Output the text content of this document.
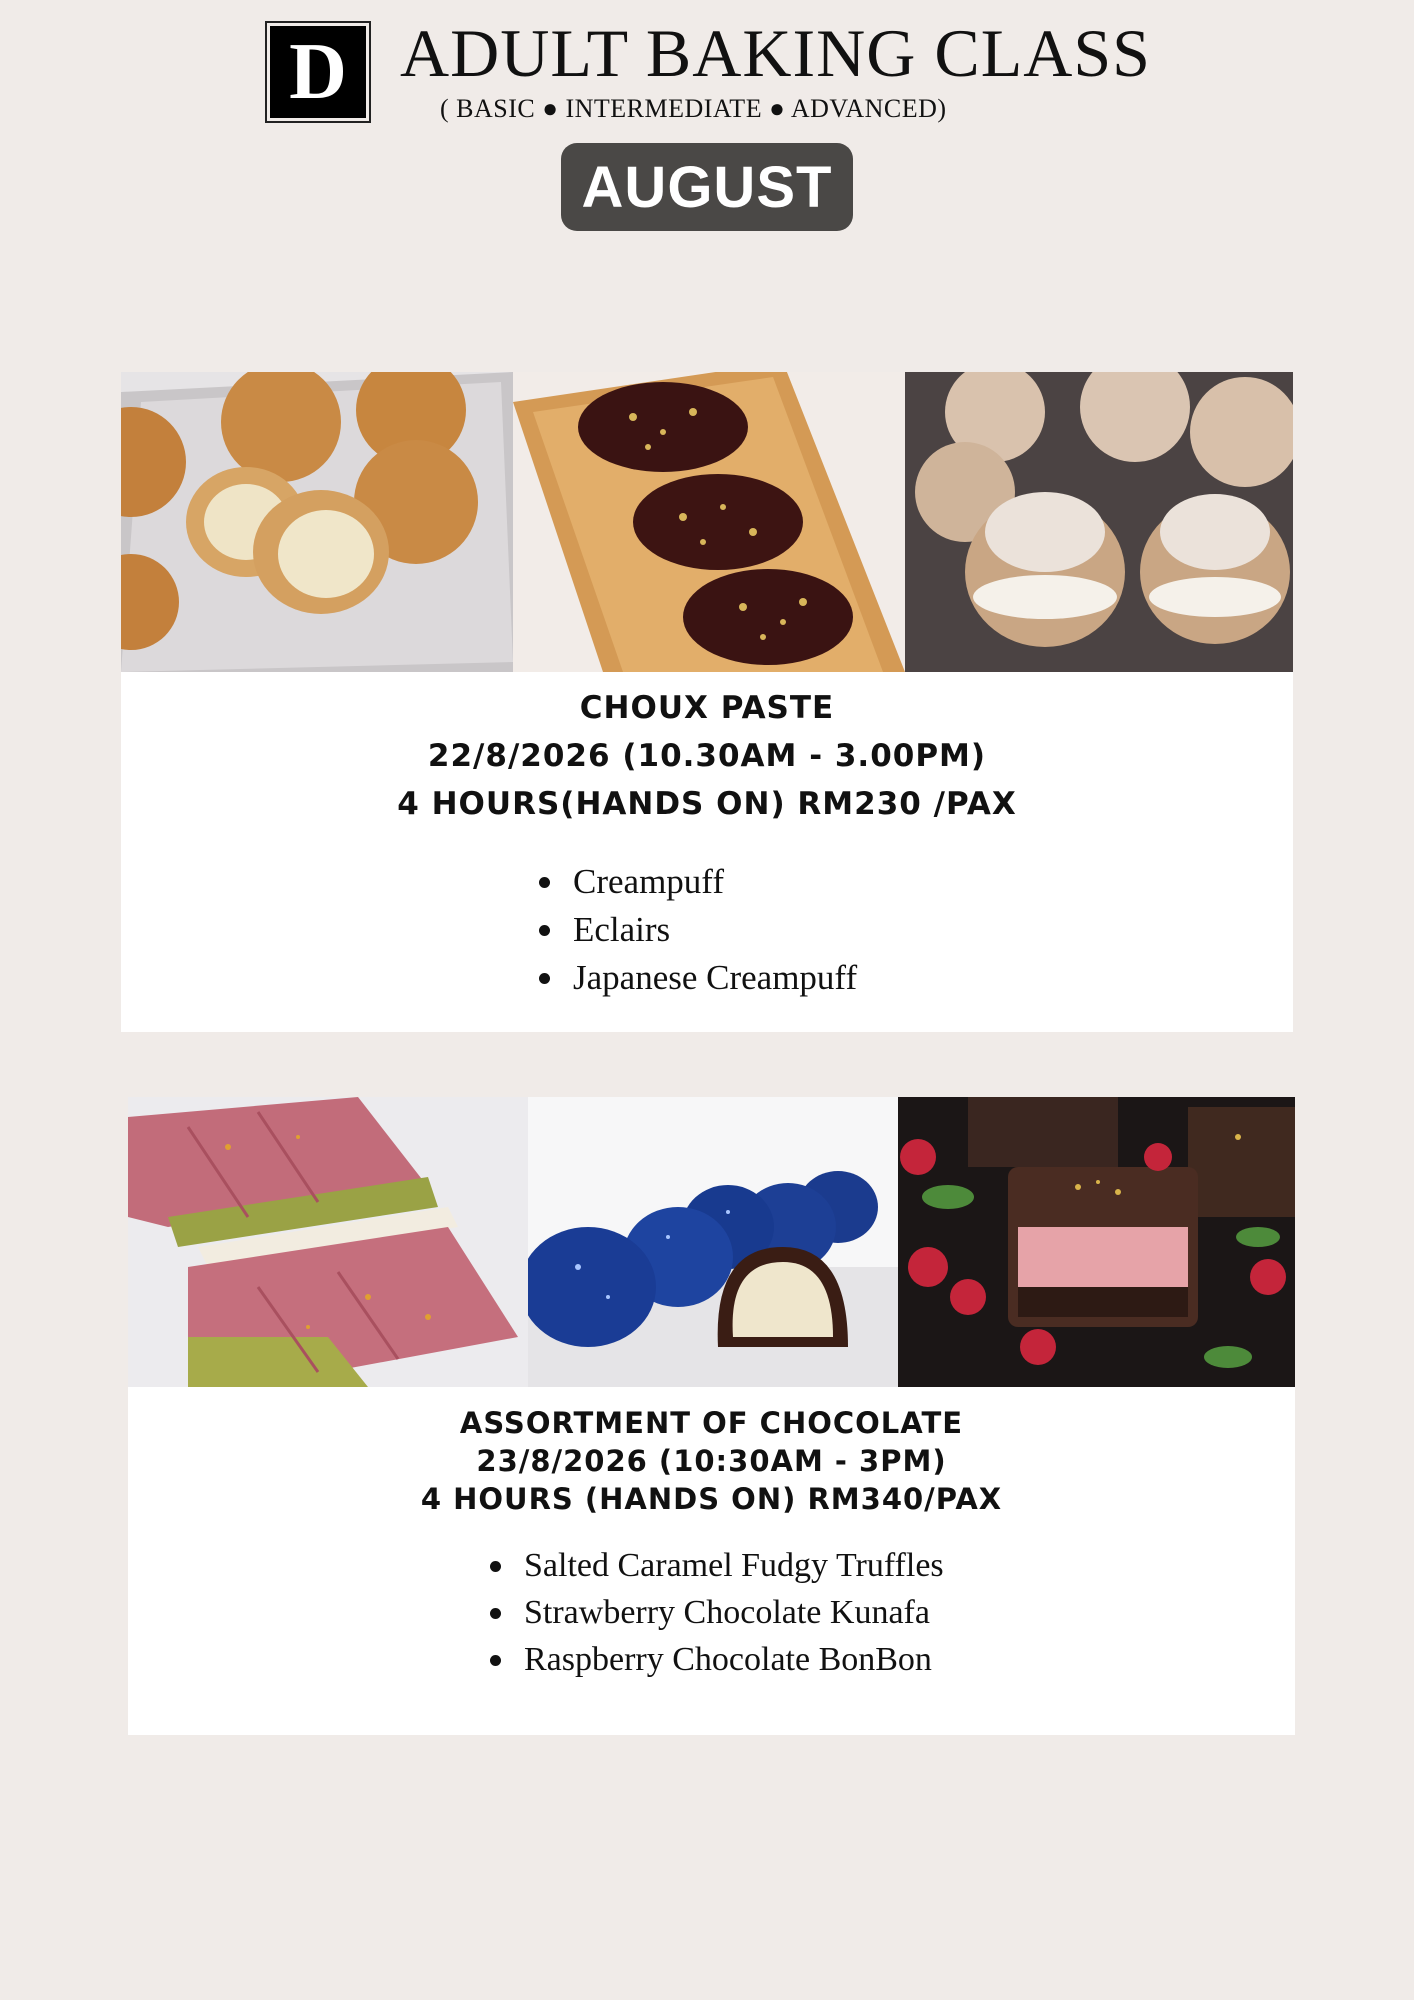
D ADULT BAKING CLASS
( BASIC ● INTERMEDIATE ● ADVANCED)
AUGUST
CHOUX PASTE
22/8/2026 (10.30AM - 3.00PM)
4 HOURS(HANDS ON) RM230 /PAX
Creampuff
Eclairs
Japanese Creampuff
ASSORTMENT OF CHOCOLATE
23/8/2026 (10:30AM - 3PM)
4 HOURS (HANDS ON) RM340/PAX
Salted Caramel Fudgy Truffles
Strawberry Chocolate Kunafa
Raspberry Chocolate BonBon
